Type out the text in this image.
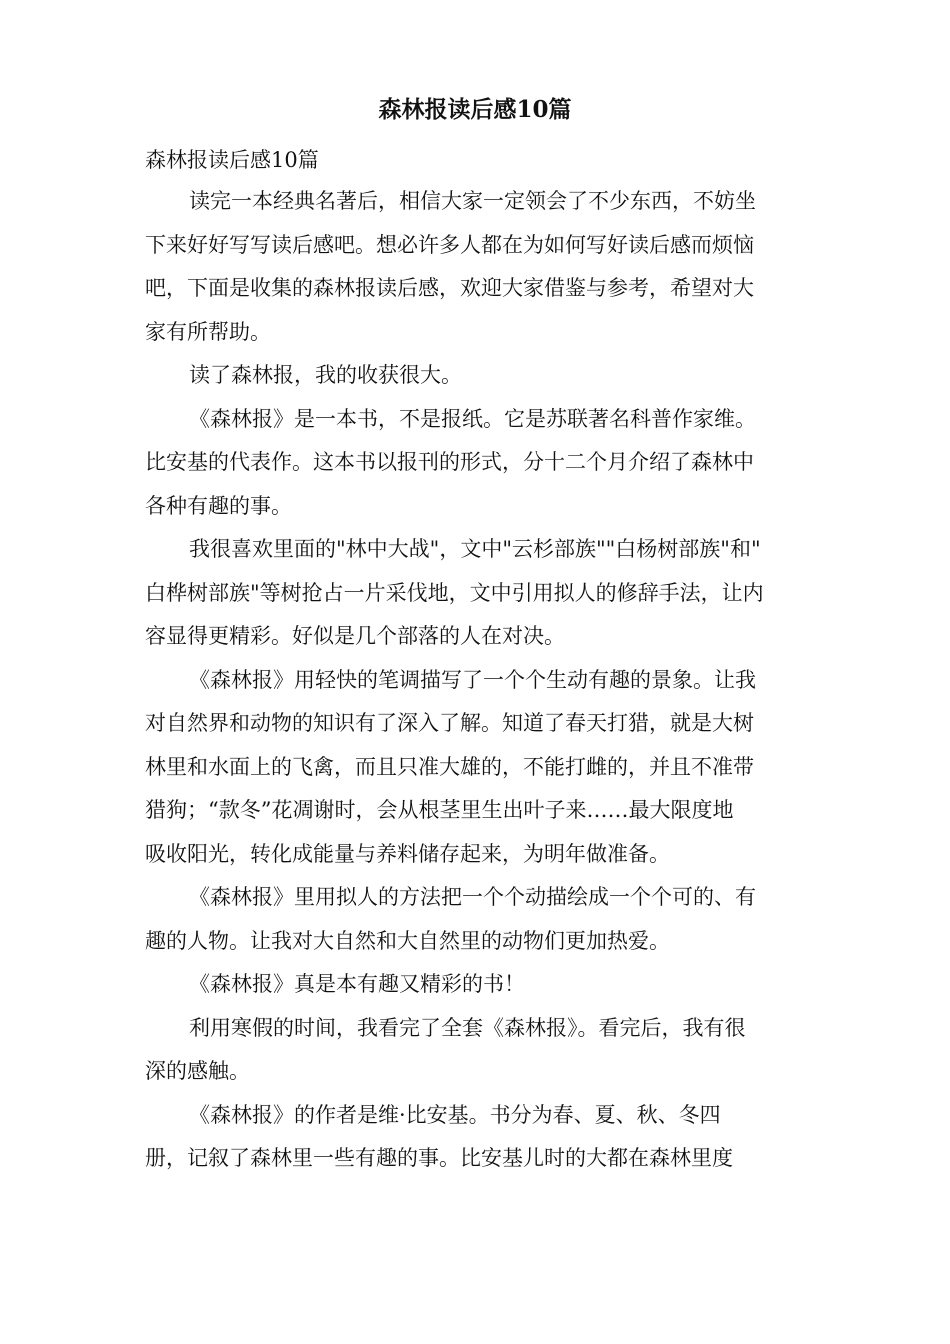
森林报读后感10篇
森林报读后感10篇

读完一本经典名著后，相信大家一定领会了不少东西，不妨坐
下来好好写写读后感吧。想必许多人都在为如何写好读后感而烦恼
吧，下面是收集的森林报读后感，欢迎大家借鉴与参考，希望对大
家有所帮助。

读了森林报，我的收获很大。

《森林报》是一本书，不是报纸。它是苏联著名科普作家维。
比安基的代表作。这本书以报刊的形式，分十二个月介绍了森林中
各种有趣的事。

我很喜欢里面的"林中大战"，文中"云杉部族""白杨树部族"和"
白桦树部族"等树抢占一片采伐地，文中引用拟人的修辞手法，让内
容显得更精彩。好似是几个部落的人在对决。

《森林报》用轻快的笔调描写了一个个生动有趣的景象。让我
对自然界和动物的知识有了深入了解。知道了春天打猎，就是大树
林里和水面上的飞禽，而且只准大雄的，不能打雌的，并且不准带
猎狗；“款冬”花凋谢时，会从根茎里生出叶子来……最大限度地
吸收阳光，转化成能量与养料储存起来，为明年做准备。

《森林报》里用拟人的方法把一个个动描绘成一个个可的、有
趣的人物。让我对大自然和大自然里的动物们更加热爱。

《森林报》真是本有趣又精彩的书！

利用寒假的时间，我看完了全套《森林报》。看完后，我有很
深的感触。

《森林报》的作者是维·比安基。书分为春、夏、秋、冬四
册，记叙了森林里一些有趣的事。比安基儿时的大都在森林里度
